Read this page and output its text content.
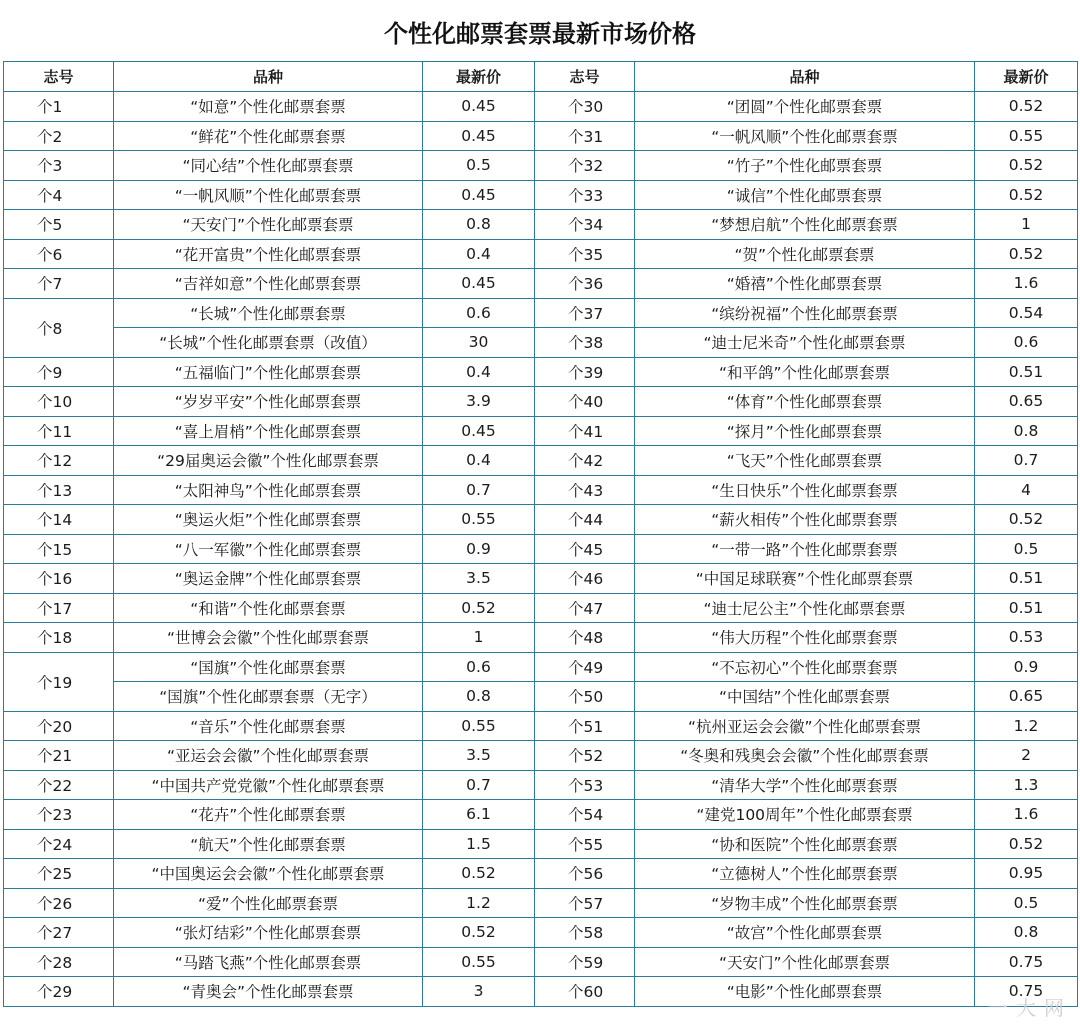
个性化邮票套票最新市场价格
志号	品种	最新价	志号	品种	最新价
个1	“如意”个性化邮票套票	0.45	个30	“团圆”个性化邮票套票	0.52
个2	“鲜花”个性化邮票套票	0.45	个31	“一帆风顺”个性化邮票套票	0.55
个3	“同心结”个性化邮票套票	0.5	个32	“竹子”个性化邮票套票	0.52
个4	“一帆风顺”个性化邮票套票	0.45	个33	“诚信”个性化邮票套票	0.52
个5	“天安门”个性化邮票套票	0.8	个34	“梦想启航”个性化邮票套票	1
个6	“花开富贵”个性化邮票套票	0.4	个35	“贺”个性化邮票套票	0.52
个7	“吉祥如意”个性化邮票套票	0.45	个36	“婚禧”个性化邮票套票	1.6
个8	“长城”个性化邮票套票	0.6	个37	“缤纷祝福”个性化邮票套票	0.54
	“长城”个性化邮票套票（改值）	30	个38	“迪士尼米奇”个性化邮票套票	0.6
个9	“五福临门”个性化邮票套票	0.4	个39	“和平鸽”个性化邮票套票	0.51
个10	“岁岁平安”个性化邮票套票	3.9	个40	“体育”个性化邮票套票	0.65
个11	“喜上眉梢”个性化邮票套票	0.45	个41	“探月”个性化邮票套票	0.8
个12	“29届奥运会徽”个性化邮票套票	0.4	个42	“飞天”个性化邮票套票	0.7
个13	“太阳神鸟”个性化邮票套票	0.7	个43	“生日快乐”个性化邮票套票	4
个14	“奥运火炬”个性化邮票套票	0.55	个44	“薪火相传”个性化邮票套票	0.52
个15	“八一军徽”个性化邮票套票	0.9	个45	“一带一路”个性化邮票套票	0.5
个16	“奥运金牌”个性化邮票套票	3.5	个46	“中国足球联赛”个性化邮票套票	0.51
个17	“和谐”个性化邮票套票	0.52	个47	“迪士尼公主”个性化邮票套票	0.51
个18	“世博会会徽”个性化邮票套票	1	个48	“伟大历程”个性化邮票套票	0.53
个19	“国旗”个性化邮票套票	0.6	个49	“不忘初心”个性化邮票套票	0.9
	“国旗”个性化邮票套票（无字）	0.8	个50	“中国结”个性化邮票套票	0.65
个20	“音乐”个性化邮票套票	0.55	个51	“杭州亚运会会徽”个性化邮票套票	1.2
个21	“亚运会会徽”个性化邮票套票	3.5	个52	“冬奥和残奥会会徽”个性化邮票套票	2
个22	“中国共产党党徽”个性化邮票套票	0.7	个53	“清华大学”个性化邮票套票	1.3
个23	“花卉”个性化邮票套票	6.1	个54	“建党100周年”个性化邮票套票	1.6
个24	“航天”个性化邮票套票	1.5	个55	“协和医院”个性化邮票套票	0.52
个25	“中国奥运会会徽”个性化邮票套票	0.52	个56	“立德树人”个性化邮票套票	0.95
个26	“爱”个性化邮票套票	1.2	个57	“岁物丰成”个性化邮票套票	0.5
个27	“张灯结彩”个性化邮票套票	0.52	个58	“故宫”个性化邮票套票	0.8
个28	“马踏飞燕”个性化邮票套票	0.55	个59	“天安门”个性化邮票套票	0.75
个29	“青奥会”个性化邮票套票	3	个60	“电影”个性化邮票套票	0.75
一大网
